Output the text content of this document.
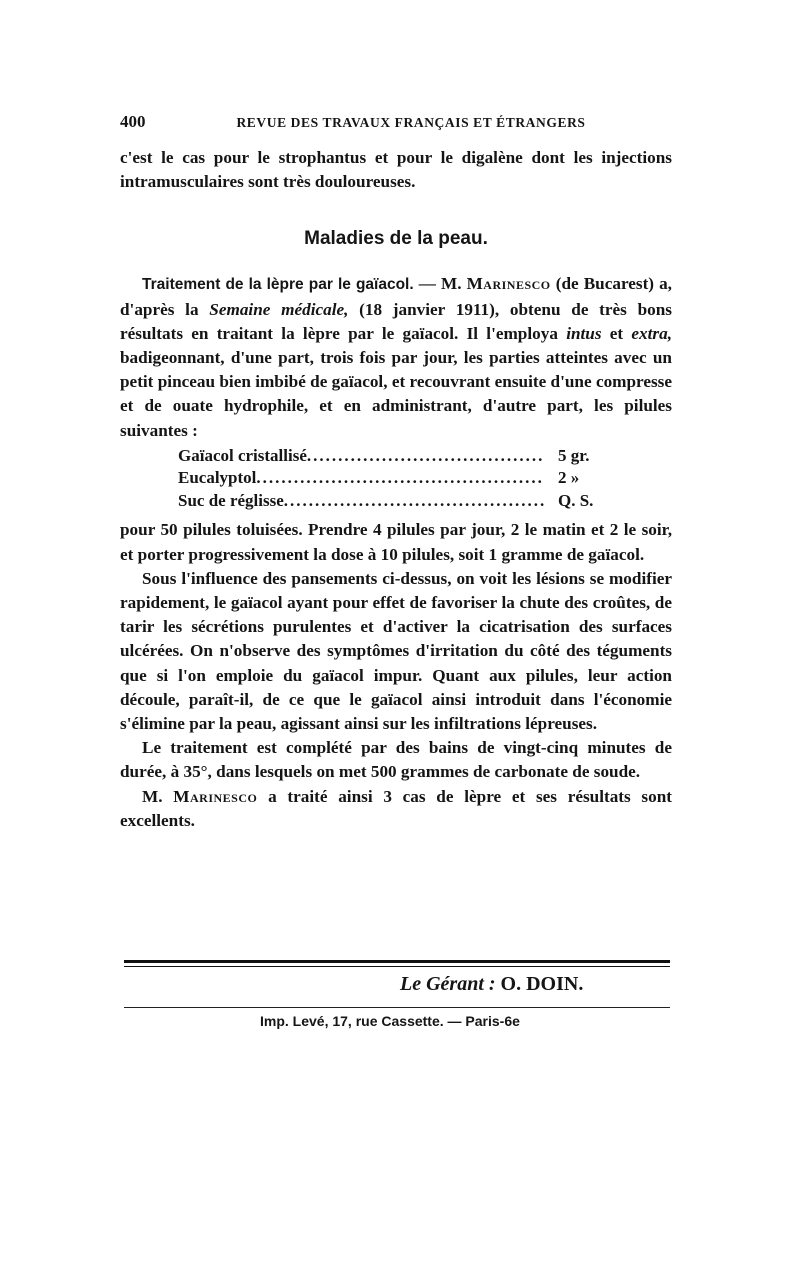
400	REVUE DES TRAVAUX FRANÇAIS ET ÉTRANGERS

c'est le cas pour le strophantus et pour le digalène dont les injections intramusculaires sont très douloureuses.

Maladies de la peau.

Traitement de la lèpre par le gaïacol. — M. Marinesco (de Bucarest) a, d'après la Semaine médicale, (18 janvier 1911), obtenu de très bons résultats en traitant la lèpre par le gaïacol. Il l'employa intus et extra, badigeonnant, d'une part, trois fois par jour, les parties atteintes avec un petit pinceau bien imbibé de gaïacol, et recouvrant ensuite d'une compresse et de ouate hydrophile, et en administrant, d'autre part, les pilules suivantes :

Gaïacol cristallisé .....	5 gr.
Eucalyptol .....	2 »
Suc de réglisse .....	Q. S.

pour 50 pilules toluisées. Prendre 4 pilules par jour, 2 le matin et 2 le soir, et porter progressivement la dose à 10 pilules, soit 1 gramme de gaïacol.

Sous l'influence des pansements ci-dessus, on voit les lésions se modifier rapidement, le gaïacol ayant pour effet de favoriser la chute des croûtes, de tarir les sécrétions purulentes et d'activer la cicatrisation des surfaces ulcérées. On n'observe des symptômes d'irritation du côté des téguments que si l'on emploie du gaïacol impur. Quant aux pilules, leur action découle, paraît-il, de ce que le gaïacol ainsi introduit dans l'économie s'élimine par la peau, agissant ainsi sur les infiltrations lépreuses.

Le traitement est complété par des bains de vingt-cinq minutes de durée, à 35°, dans lesquels on met 500 grammes de carbonate de soude.

M. Marinesco a traité ainsi 3 cas de lèpre et ses résultats sont excellents.

Le Gérant : O. DOIN.
Imp. Levé, 17, rue Cassette. — Paris-6e
